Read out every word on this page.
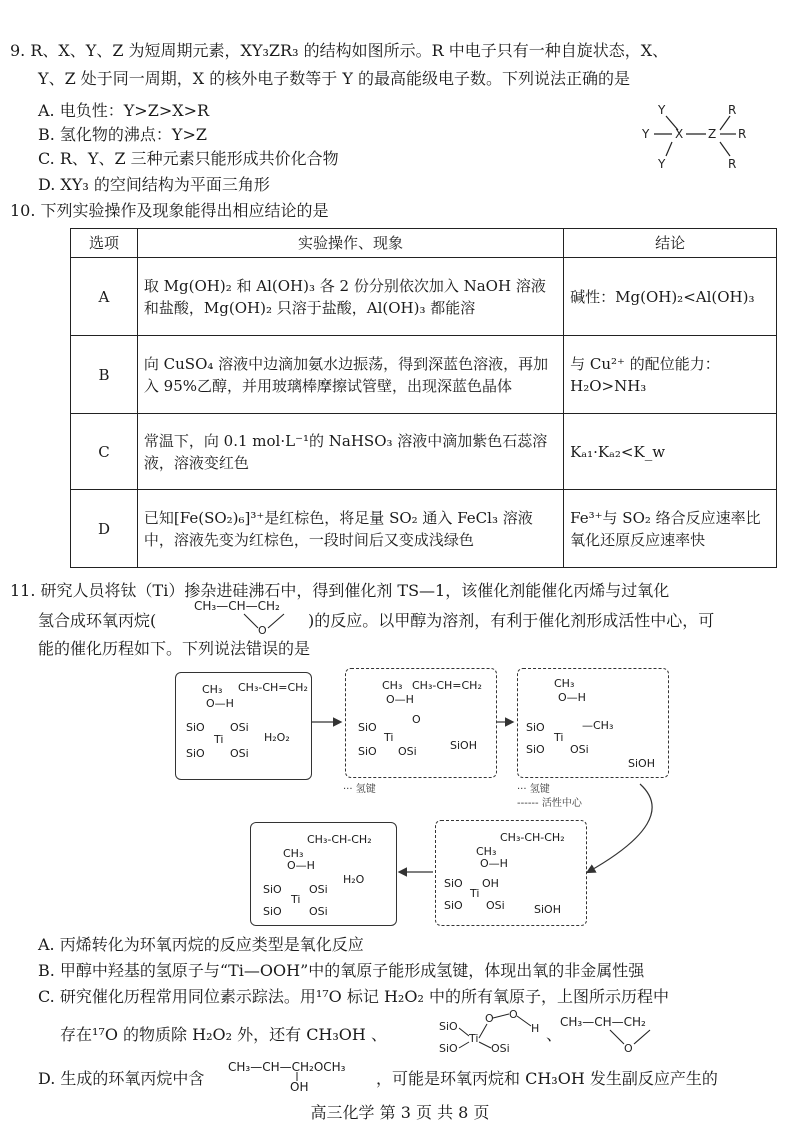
9. R、X、Y、Z 为短周期元素，XY₃ZR₃ 的结构如图所示。R 中电子只有一种自旋状态，X、
Y、Z 处于同一周期，X 的核外电子数等于 Y 的最高能级电子数。下列说法正确的是
A. 电负性：Y>Z>X>R
B. 氢化物的沸点：Y>Z
C. R、Y、Z 三种元素只能形成共价化合物
D. XY₃ 的空间结构为平面三角形
Y
Y X
Y
Z
R
R
R
10. 下列实验操作及现象能得出相应结论的是
选项	实验操作、现象	结论
A	取 Mg(OH)₂ 和 Al(OH)₃ 各 2 份分别依次加入 NaOH 溶液和盐酸，Mg(OH)₂ 只溶于盐酸，Al(OH)₃ 都能溶	碱性：Mg(OH)₂<Al(OH)₃
B	向 CuSO₄ 溶液中边滴加氨水边振荡，得到深蓝色溶液，再加入 95%乙醇，并用玻璃棒摩擦试管壁，出现深蓝色晶体	与 Cu²⁺ 的配位能力：H₂O>NH₃
C	常温下，向 0.1 mol·L⁻¹的 NaHSO₃ 溶液中滴加紫色石蕊溶液，溶液变红色	Kₐ₁·Kₐ₂<K_w
D	已知[Fe(SO₂)₆]³⁺是红棕色，将足量 SO₂ 通入 FeCl₃ 溶液中，溶液先变为红棕色，一段时间后又变成浅绿色	Fe³⁺与 SO₂ 络合反应速率比氧化还原反应速率快
11. 研究人员将钛（Ti）掺杂进硅沸石中，得到催化剂 TS—1，该催化剂能催化丙烯与过氧化
氢合成环氧丙烷(
CH₃—CH—CH₂
O
)的反应。以甲醇为溶剂，有利于催化剂形成活性中心，可
能的催化历程如下。下列说法错误的是
CH₃
O—H
CH₃-CH=CH₂
SiO OSi
Ti
SiO OSi
H₂O₂
CH₃
O—H
CH₃-CH=CH₂
O
SiO
Ti
SiO OSi	SiOH
CH₃
O—H
—CH₃
SiO
Ti
SiO OSi
SiOH
··· 氢键	··· 氢键
------ 活性中心
CH₃-CH-CH₂
CH₃
O—H
SiO OH
Ti
SiO OSi	SiOH
CH₃-CH-CH₂
CH₃
O—H
H₂O
SiO OSi
Ti
SiO OSi
A. 丙烯转化为环氧丙烷的反应类型是氧化反应
B. 甲醇中羟基的氢原子与“Ti—OOH”中的氧原子能形成氢键，体现出氧的非金属性强
C. 研究催化历程常用同位素示踪法。用¹⁷O 标记 H₂O₂ 中的所有氧原子，上图所示历程中
存在¹⁷O 的物质除 H₂O₂ 外，还有 CH₃OH 、	SiO
SiO
Ti
OSi
O O
H 、
CH₃—CH—CH₂
O
D. 生成的环氧丙烷中含
CH₃—CH—CH₂OCH₃
OH	，可能是环氧丙烷和 CH₃OH 发生副反应产生的
高三化学 第 3 页 共 8 页
